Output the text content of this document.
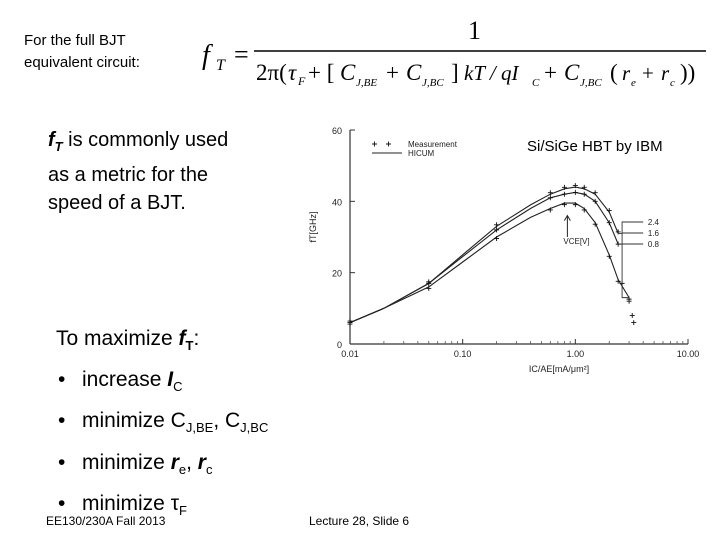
For the full BJT
equivalent circuit:	f T =
1
2π( τ F + [ C J,BE + C J,BC ] kT / qI C + C J,BC ( r e + r c ))
$f_T$ is commonly used
as a metric for the
speed of a BJT.
0
20
40
60
0.01	0.10	1.00	10.00
fT[GHz]
IC/AE[mA/μm²]
2.4
1.6
0.8
VCE[V]
Measurement
HICUM	Si/SiGe HBT by IBM
To maximize $f_T$:
• increase $I_C$
• minimize $C_{J,BE}$, $C_{J,BC}$
• minimize $r_e$, $r_c$
• minimize $\tau_F$
EE130/230A Fall 2013	Lecture 28, Slide 6
